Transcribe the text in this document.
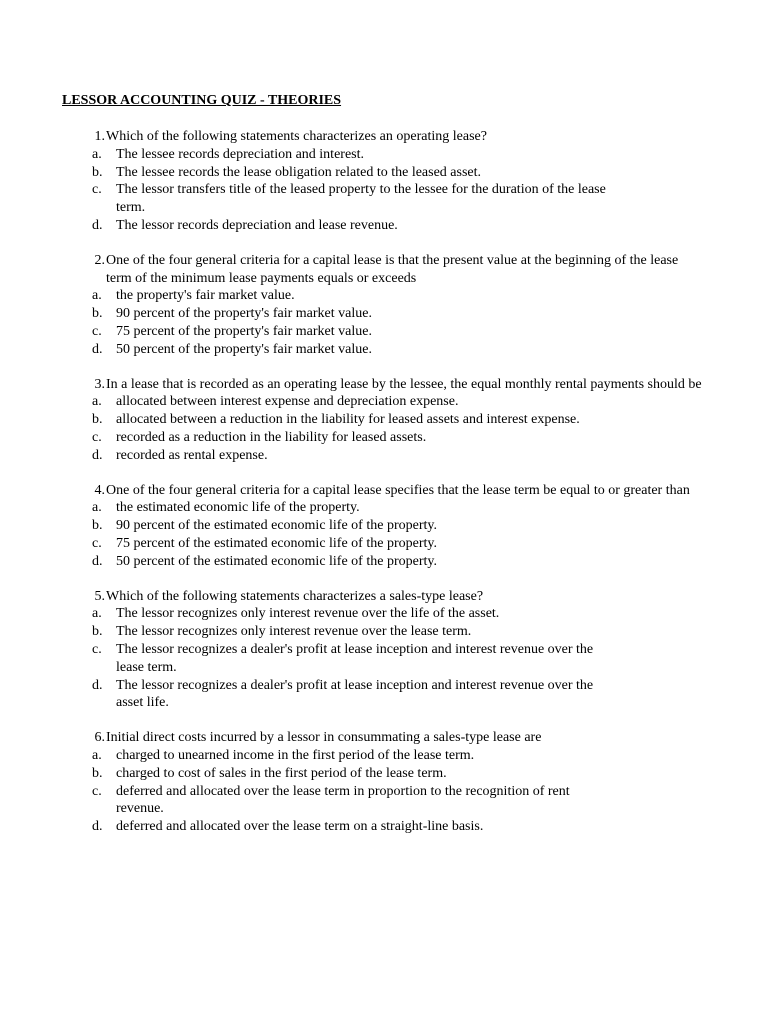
LESSOR ACCOUNTING QUIZ - THEORIES
1. Which of the following statements characterizes an operating lease?
a.	The lessee records depreciation and interest.
b. The lessee records the lease obligation related to the leased asset.
c.	The lessor transfers title of the leased property to the lessee for the duration of the lease term.
d. The lessor records depreciation and lease revenue.
2. One of the four general criteria for a capital lease is that the present value at the beginning of the lease term of the minimum lease payments equals or exceeds
a.	the property's fair market value.
b. 90 percent of the property's fair market value.
c.	75 percent of the property's fair market value.
d. 50 percent of the property's fair market value.
3. In a lease that is recorded as an operating lease by the lessee, the equal monthly rental payments should be
a.	allocated between interest expense and depreciation expense.
b. allocated between a reduction in the liability for leased assets and interest expense.
c.	recorded as a reduction in the liability for leased assets.
d. recorded as rental expense.
4. One of the four general criteria for a capital lease specifies that the lease term be equal to or greater than
a.	the estimated economic life of the property.
b. 90 percent of the estimated economic life of the property.
c.	75 percent of the estimated economic life of the property.
d. 50 percent of the estimated economic life of the property.
5. Which of the following statements characterizes a sales-type lease?
a.	The lessor recognizes only interest revenue over the life of the asset.
b. The lessor recognizes only interest revenue over the lease term.
c.	The lessor recognizes a dealer's profit at lease inception and interest revenue over the lease term.
d. The lessor recognizes a dealer's profit at lease inception and interest revenue over the asset life.
6. Initial direct costs incurred by a lessor in consummating a sales-type lease are
a.	charged to unearned income in the first period of the lease term.
b. charged to cost of sales in the first period of the lease term.
c.	deferred and allocated over the lease term in proportion to the recognition of rent revenue.
d. deferred and allocated over the lease term on a straight-line basis.
